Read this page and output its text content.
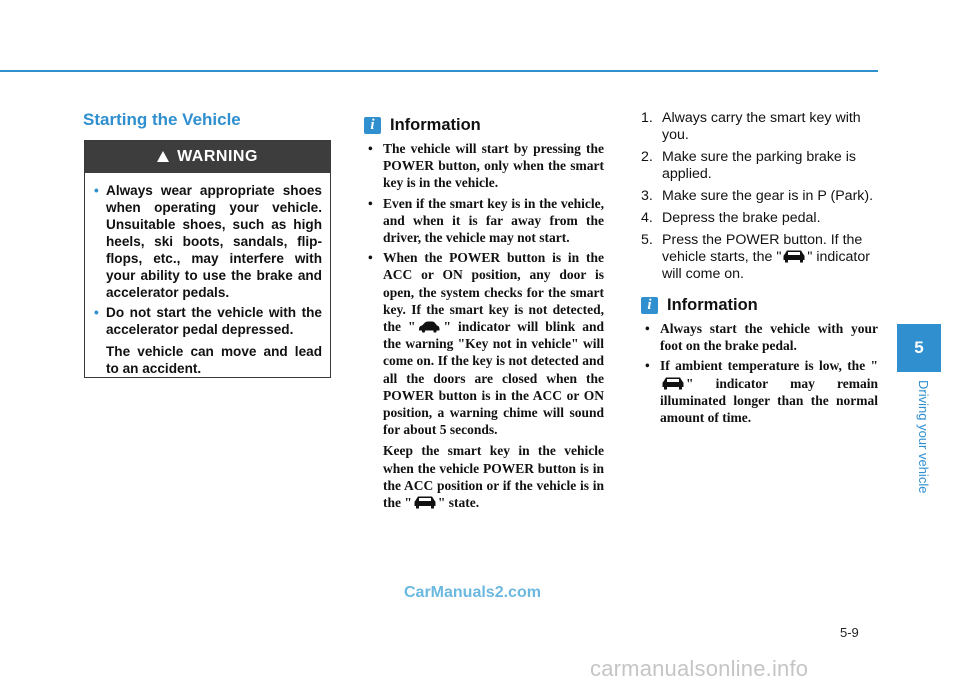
Starting the Vehicle
WARNING
• Always wear appropriate shoes when operating your vehicle. Unsuitable shoes, such as high heels, ski boots, sandals, flip-flops, etc., may interfere with your ability to use the brake and accelerator pedals.
• Do not start the vehicle with the accelerator pedal depressed.
The vehicle can move and lead to an accident.
i Information
• The vehicle will start by pressing the POWER button, only when the smart key is in the vehicle.
• Even if the smart key is in the vehicle, and when it is far away from the driver, the vehicle may not start.
• When the POWER button is in the ACC or ON position, any door is open, the system checks for the smart key. If the smart key is not detected, the " " indicator will blink and the warning "Key not in vehicle" will come on. If the key is not detected and all the doors are closed when the POWER button is in the ACC or ON position, a warning chime will sound for about 5 seconds.
Keep the smart key in the vehicle when the vehicle POWER button is in the ACC position or if the vehicle is in the " " state.
1. Always carry the smart key with you.
2. Make sure the parking brake is applied.
3. Make sure the gear is in P (Park).
4. Depress the brake pedal.
5. Press the POWER button. If the vehicle starts, the " " indicator will come on.
i Information
• Always start the vehicle with your foot on the brake pedal.
• If ambient temperature is low, the "" indicator may remain illuminated longer than the normal amount of time.
5
Driving your vehicle
5-9
CarManuals2.com
carmanualsonline.info
